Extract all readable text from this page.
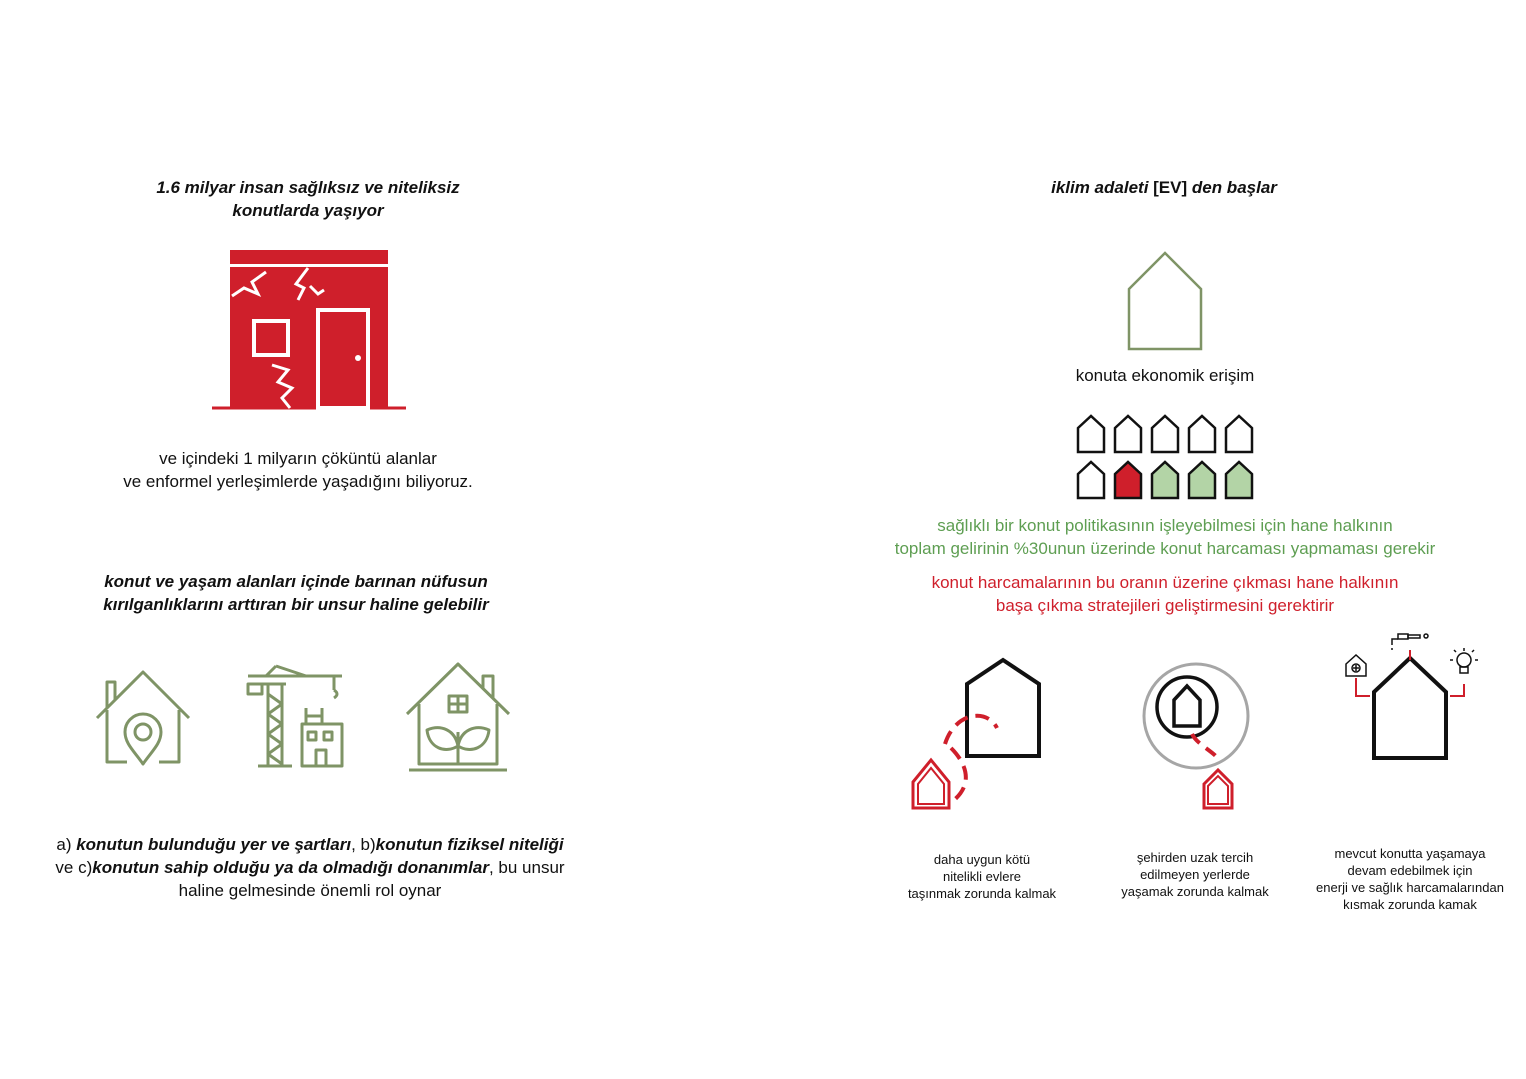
1.6 milyar insan sağlıksız ve niteliksiz
konutlarda yaşıyor
ve içindeki 1 milyarın çöküntü alanlar
ve enformel yerleşimlerde yaşadığını biliyoruz.
konut ve yaşam alanları içinde barınan nüfusun
kırılganlıklarını arttıran bir unsur haline gelebilir
a) konutun bulunduğu yer ve şartları, b)konutun fiziksel niteliği
ve c)konutun sahip olduğu ya da olmadığı donanımlar, bu unsur
haline gelmesinde önemli rol oynar
iklim adaleti [EV] den başlar
konuta ekonomik erişim
sağlıklı bir konut politikasının işleyebilmesi için hane halkının
toplam gelirinin %30unun üzerinde konut harcaması yapmaması gerekir
konut harcamalarının bu oranın üzerine çıkması hane halkının
başa çıkma stratejileri geliştirmesini gerektirir
daha uygun kötü
nitelikli evlere
taşınmak zorunda kalmak
şehirden uzak tercih
edilmeyen yerlerde
yaşamak zorunda kalmak
mevcut konutta yaşamaya
devam edebilmek için
enerji ve sağlık harcamalarından
kısmak zorunda kamak
